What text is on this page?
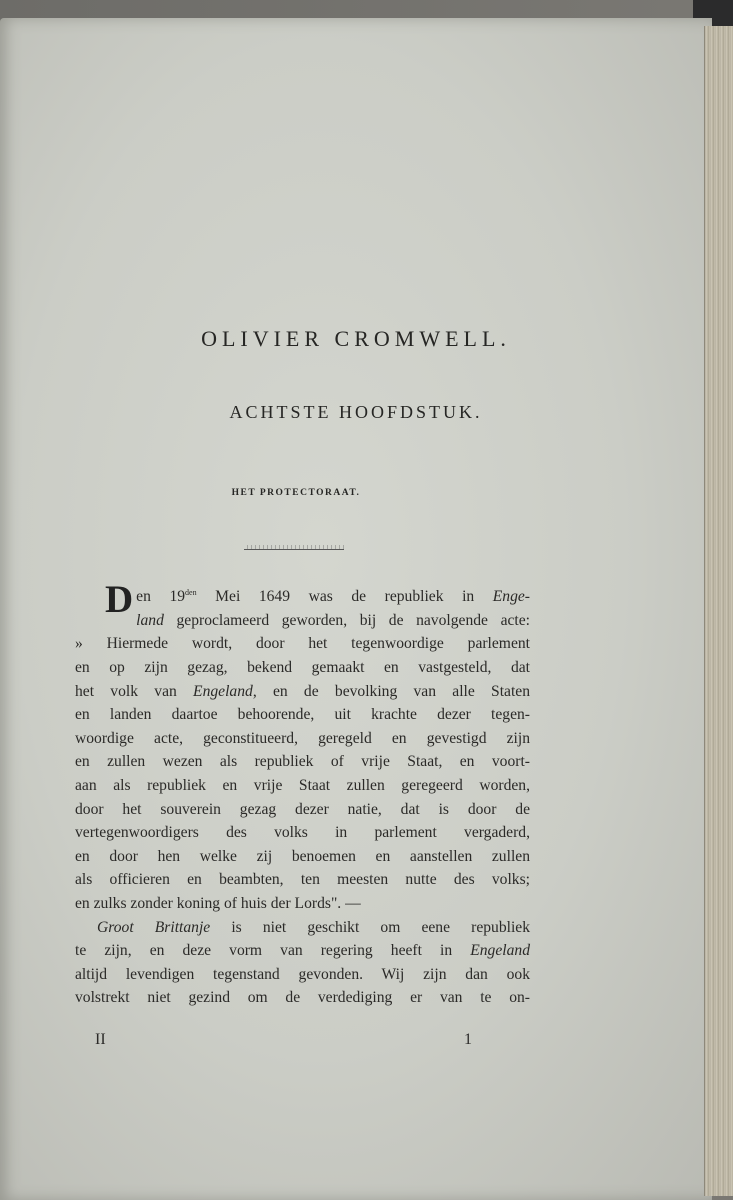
OLIVIER CROMWELL.
ACHTSTE HOOFDSTUK.
HET PROTECTORAAT.
D en $19^{den}$ Mei 1649 was de republiek in Enge-
land geproclameerd geworden, bij de navolgende acte:
» Hiermede wordt, door het tegenwoordige parlement
en op zijn gezag, bekend gemaakt en vastgesteld, dat
het volk van Engeland, en de bevolking van alle Staten
en landen daartoe behoorende, uit krachte dezer tegen-
woordige acte, geconstitueerd, geregeld en gevestigd zijn
en zullen wezen als republiek of vrije Staat, en voort-
aan als republiek en vrije Staat zullen geregeerd worden,
door het souverein gezag dezer natie, dat is door de
vertegenwoordigers des volks in parlement vergaderd,
en door hen welke zij benoemen en aanstellen zullen
als officieren en beambten, ten meesten nutte des volks;
en zulks zonder koning of huis der Lords". —
Groot Brittanje is niet geschikt om eene republiek
te zijn, en deze vorm van regering heeft in Engeland
altijd levendigen tegenstand gevonden. Wij zijn dan ook
volstrekt niet gezind om de verdediging er van te on-
II	1
